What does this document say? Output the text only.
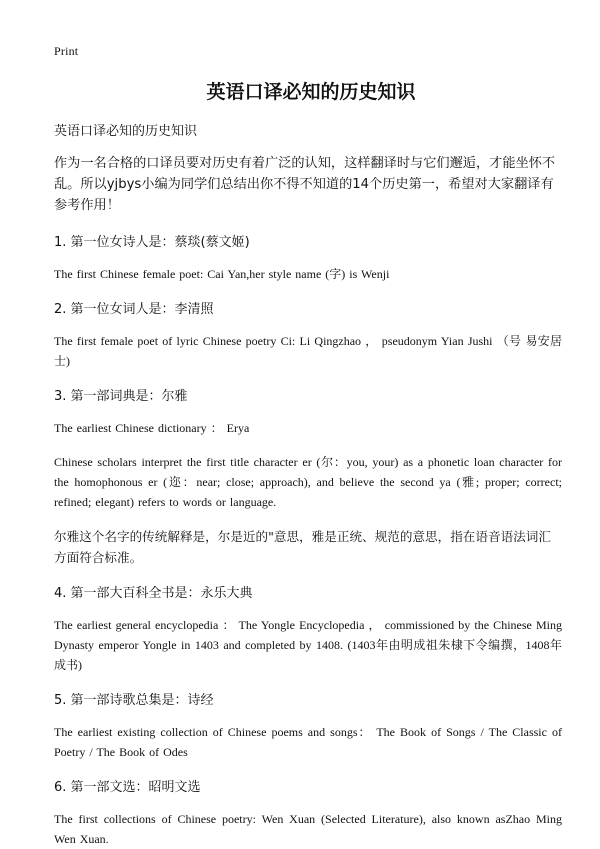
Print
英语口译必知的历史知识
英语口译必知的历史知识

作为一名合格的口译员要对历史有着广泛的认知，这样翻译时与它们邂逅，才能坐怀不乱。所以yjbys小编为同学们总结出你不得不知道的14个历史第一，希望对大家翻译有参考作用！

1. 第一位女诗人是：蔡琰(蔡文姬)

The first Chinese female poet: Cai Yan,her style name (字) is Wenji

2. 第一位女词人是：李清照

The first female poet of lyric Chinese poetry Ci: Li Qingzhao ， pseudonym Yian Jushi （号 易安居士)

3. 第一部词典是：尔雅

The earliest Chinese dictionary ： Erya

Chinese scholars interpret the first title character er (尔：you, your) as a phonetic loan character for the homophonous er (迩：near; close; approach), and believe the second ya (雅; proper; correct; refined; elegant) refers to words or language.

尔雅这个名字的传统解释是，尔是近的"意思，雅是正统、规范的意思，指在语音语法词汇方面符合标准。

4. 第一部大百科全书是：永乐大典

The earliest general encyclopedia ： The Yongle Encyclopedia ， commissioned by the Chinese Ming Dynasty emperor Yongle in 1403 and completed by 1408. (1403年由明成祖朱棣下令编撰，1408年成书)

5. 第一部诗歌总集是：诗经

The earliest existing collection of Chinese poems and songs： The Book of Songs / The Classic of Poetry / The Book of Odes

6. 第一部文选：昭明文选

The first collections of Chinese poetry: Wen Xuan (Selected Literature), also known asZhao Ming Wen Xuan.
